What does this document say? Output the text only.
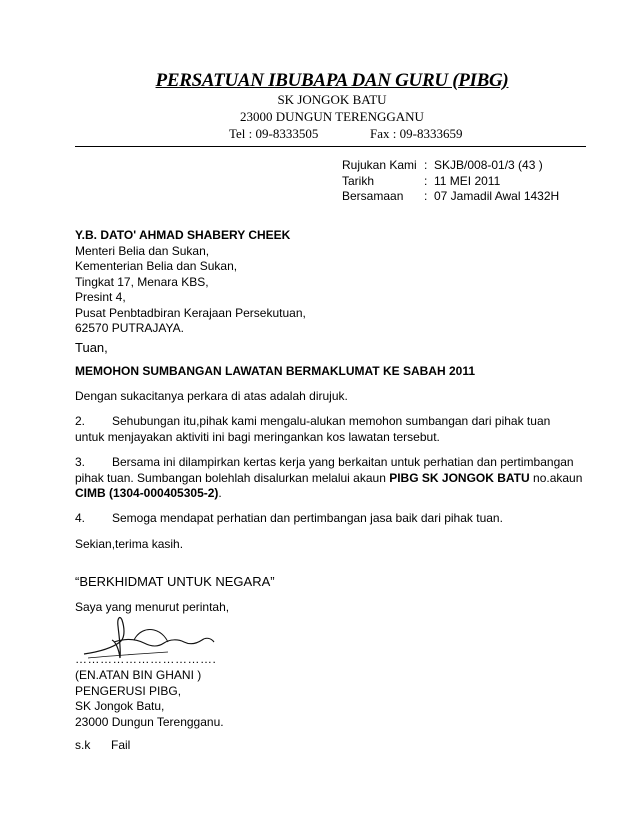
PERSATUAN IBUBAPA DAN GURU (PIBG)
SK JONGOK BATU
23000 DUNGUN TERENGGANU
Tel : 09-8333505	Fax : 09-8333659
Rujukan Kami	:	SKJB/008-01/3 (43 )
Tarikh	:	11 MEI 2011
Bersamaan	:	07 Jamadil Awal 1432H
Y.B. DATO' AHMAD SHABERY CHEEK
Menteri Belia dan Sukan,
Kementerian Belia dan Sukan,
Tingkat 17, Menara KBS,
Presint 4,
Pusat Penbtadbiran Kerajaan Persekutuan,
62570 PUTRAJAYA.
Tuan,
MEMOHON SUMBANGAN LAWATAN BERMAKLUMAT KE SABAH 2011
Dengan sukacitanya perkara di atas adalah dirujuk.
2. Sehubungan itu,pihak kami mengalu-alukan memohon sumbangan dari pihak tuan
untuk menjayakan aktiviti ini bagi meringankan kos lawatan tersebut.
3. Bersama ini dilampirkan kertas kerja yang berkaitan untuk perhatian dan pertimbangan
pihak tuan. Sumbangan bolehlah disalurkan melalui akaun PIBG SK JONGOK BATU no.akaun
CIMB (1304-000405305-2).
4. Semoga mendapat perhatian dan pertimbangan jasa baik dari pihak tuan.
Sekian,terima kasih.
“BERKHIDMAT UNTUK NEGARA”
Saya yang menurut perintah,
…………………………….
(EN.ATAN BIN GHANI )
PENGERUSI PIBG,
SK Jongok Batu,
23000 Dungun Terengganu.
s.k Fail
